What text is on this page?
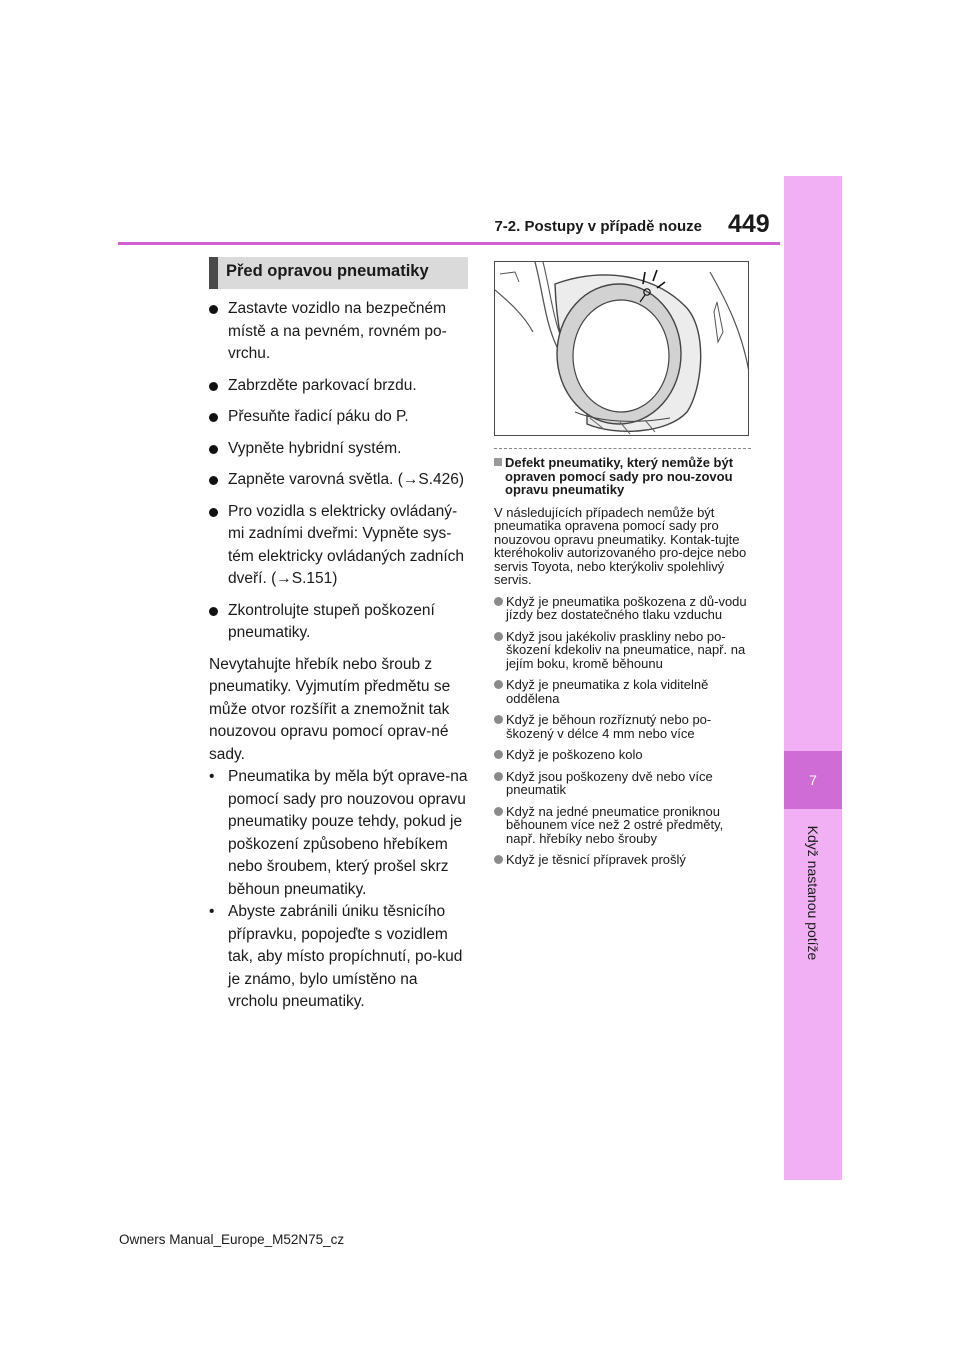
7-2. Postupy v případě nouze 449
7
Když nastanou potíže
Před opravou pneumatiky
Zastavte vozidlo na bezpečném místě a na pevném, rovném po-vrchu.
Zabrzděte parkovací brzdu.
Přesuňte řadicí páku do P.
Vypněte hybridní systém.
Zapněte varovná světla. (→S.426)
Pro vozidla s elektricky ovládaný-mi zadními dveřmi: Vypněte sys-tém elektricky ovládaných zadních dveří. (→S.151)
Zkontrolujte stupeň poškození pneumatiky.
Nevytahujte hřebík nebo šroub z pneumatiky. Vyjmutím předmětu se může otvor rozšířit a znemožnit tak nouzovou opravu pomocí oprav-né sady.
• Pneumatika by měla být oprave-na pomocí sady pro nouzovou opravu pneumatiky pouze tehdy, pokud je poškození způsobeno hřebíkem nebo šroubem, který prošel skrz běhoun pneumatiky.
• Abyste zabránili úniku těsnicího přípravku, popojeďte s vozidlem tak, aby místo propíchnutí, po-kud je známo, bylo umístěno na vrcholu pneumatiky.
Defekt pneumatiky, který nemůže být opraven pomocí sady pro nou-zovou opravu pneumatiky
V následujících případech nemůže být pneumatika opravena pomocí sady pro nouzovou opravu pneumatiky. Kontak-tujte kteréhokoliv autorizovaného pro-dejce nebo servis Toyota, nebo kterýkoliv spolehlivý servis.
Když je pneumatika poškozena z dů-vodu jízdy bez dostatečného tlaku vzduchu
Když jsou jakékoliv praskliny nebo po-škození kdekoliv na pneumatice, např. na jejím boku, kromě běhounu
Když je pneumatika z kola viditelně oddělena
Když je běhoun rozříznutý nebo po-škozený v délce 4 mm nebo více
Když je poškozeno kolo
Když jsou poškozeny dvě nebo více pneumatik
Když na jedné pneumatice proniknou běhounem více než 2 ostré předměty, např. hřebíky nebo šrouby
Když je těsnicí přípravek prošlý
Owners Manual_Europe_M52N75_cz
